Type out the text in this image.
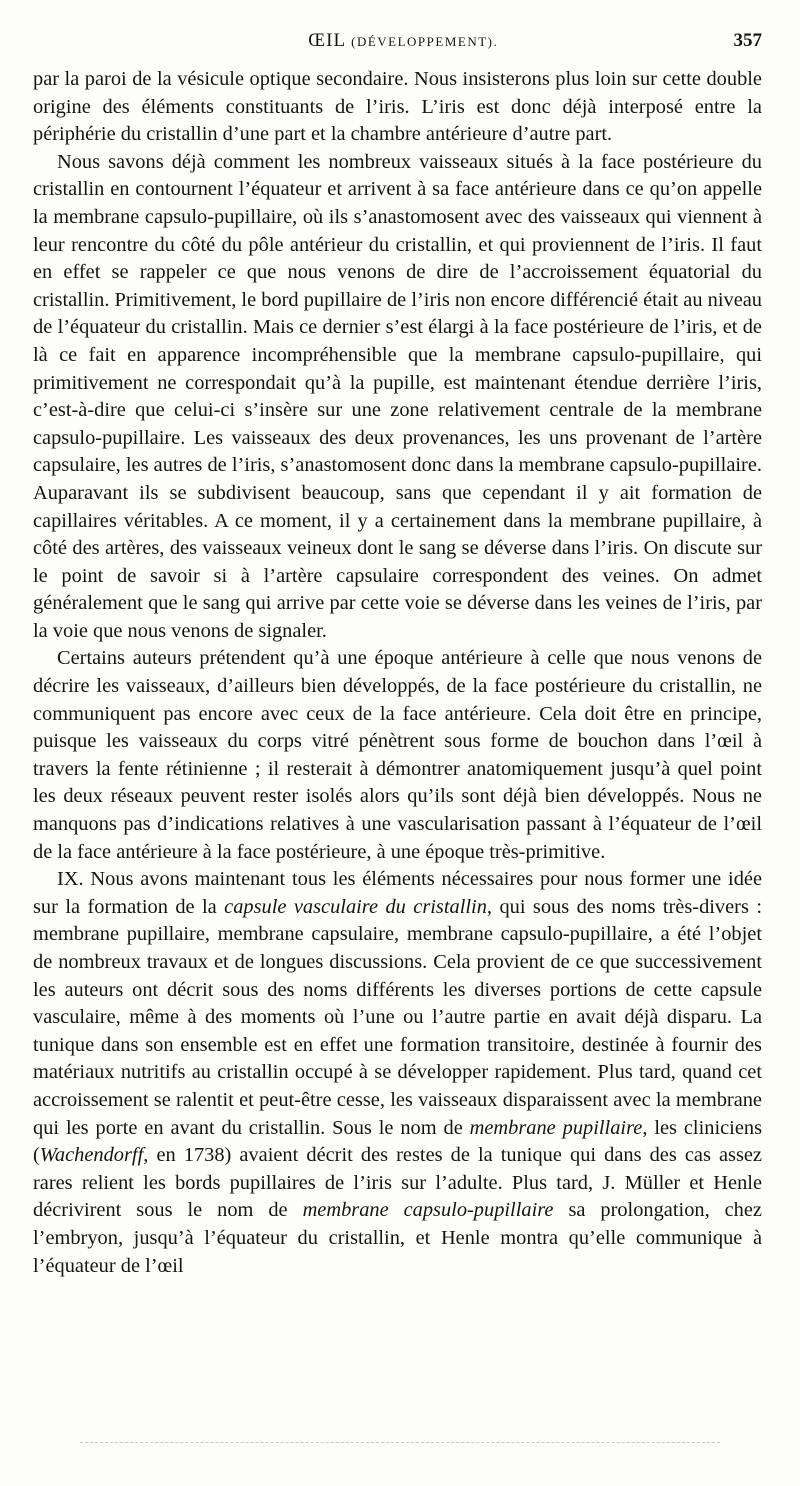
ŒIL (DÉVELOPPEMENT).	357

par la paroi de la vésicule optique secondaire. Nous insisterons plus loin sur cette double origine des éléments constituants de l’iris. L’iris est donc déjà interposé entre la périphérie du cristallin d’une part et la chambre antérieure d’autre part.

Nous savons déjà comment les nombreux vaisseaux situés à la face postérieure du cristallin en contournent l’équateur et arrivent à sa face antérieure dans ce qu’on appelle la membrane capsulo-pupillaire, où ils s’anastomosent avec des vaisseaux qui viennent à leur rencontre du côté du pôle antérieur du cristallin, et qui proviennent de l’iris. Il faut en effet se rappeler ce que nous venons de dire de l’accroissement équatorial du cristallin. Primitivement, le bord pupillaire de l’iris non encore différencié était au niveau de l’équateur du cristallin. Mais ce dernier s’est élargi à la face postérieure de l’iris, et de là ce fait en apparence incompréhensible que la membrane capsulo-pupillaire, qui primitivement ne correspondait qu’à la pupille, est maintenant étendue derrière l’iris, c’est-à-dire que celui-ci s’insère sur une zone relativement centrale de la membrane capsulo-pupillaire. Les vaisseaux des deux provenances, les uns provenant de l’artère capsulaire, les autres de l’iris, s’anastomosent donc dans la membrane capsulo-pupillaire. Auparavant ils se subdivisent beaucoup, sans que cependant il y ait formation de capillaires véritables. A ce moment, il y a certainement dans la membrane pupillaire, à côté des artères, des vaisseaux veineux dont le sang se déverse dans l’iris. On discute sur le point de savoir si à l’artère capsulaire correspondent des veines. On admet généralement que le sang qui arrive par cette voie se déverse dans les veines de l’iris, par la voie que nous venons de signaler.

Certains auteurs prétendent qu’à une époque antérieure à celle que nous venons de décrire les vaisseaux, d’ailleurs bien développés, de la face postérieure du cristallin, ne communiquent pas encore avec ceux de la face antérieure. Cela doit être en principe, puisque les vaisseaux du corps vitré pénètrent sous forme de bouchon dans l’œil à travers la fente rétinienne ; il resterait à démontrer anatomiquement jusqu’à quel point les deux réseaux peuvent rester isolés alors qu’ils sont déjà bien développés. Nous ne manquons pas d’indications relatives à une vascularisation passant à l’équateur de l’œil de la face antérieure à la face postérieure, à une époque très-primitive.

IX. Nous avons maintenant tous les éléments nécessaires pour nous former une idée sur la formation de la capsule vasculaire du cristallin, qui sous des noms très-divers : membrane pupillaire, membrane capsulaire, membrane capsulo-pupillaire, a été l’objet de nombreux travaux et de longues discussions. Cela provient de ce que successivement les auteurs ont décrit sous des noms différents les diverses portions de cette capsule vasculaire, même à des moments où l’une ou l’autre partie en avait déjà disparu. La tunique dans son ensemble est en effet une formation transitoire, destinée à fournir des matériaux nutritifs au cristallin occupé à se développer rapidement. Plus tard, quand cet accroissement se ralentit et peut-être cesse, les vaisseaux disparaissent avec la membrane qui les porte en avant du cristallin. Sous le nom de membrane pupillaire, les cliniciens (Wachendorff, en 1738) avaient décrit des restes de la tunique qui dans des cas assez rares relient les bords pupillaires de l’iris sur l’adulte. Plus tard, J. Müller et Henle décrivirent sous le nom de membrane capsulo-pupillaire sa prolongation, chez l’embryon, jusqu’à l’équateur du cristallin, et Henle montra qu’elle communique à l’équateur de l’œil
